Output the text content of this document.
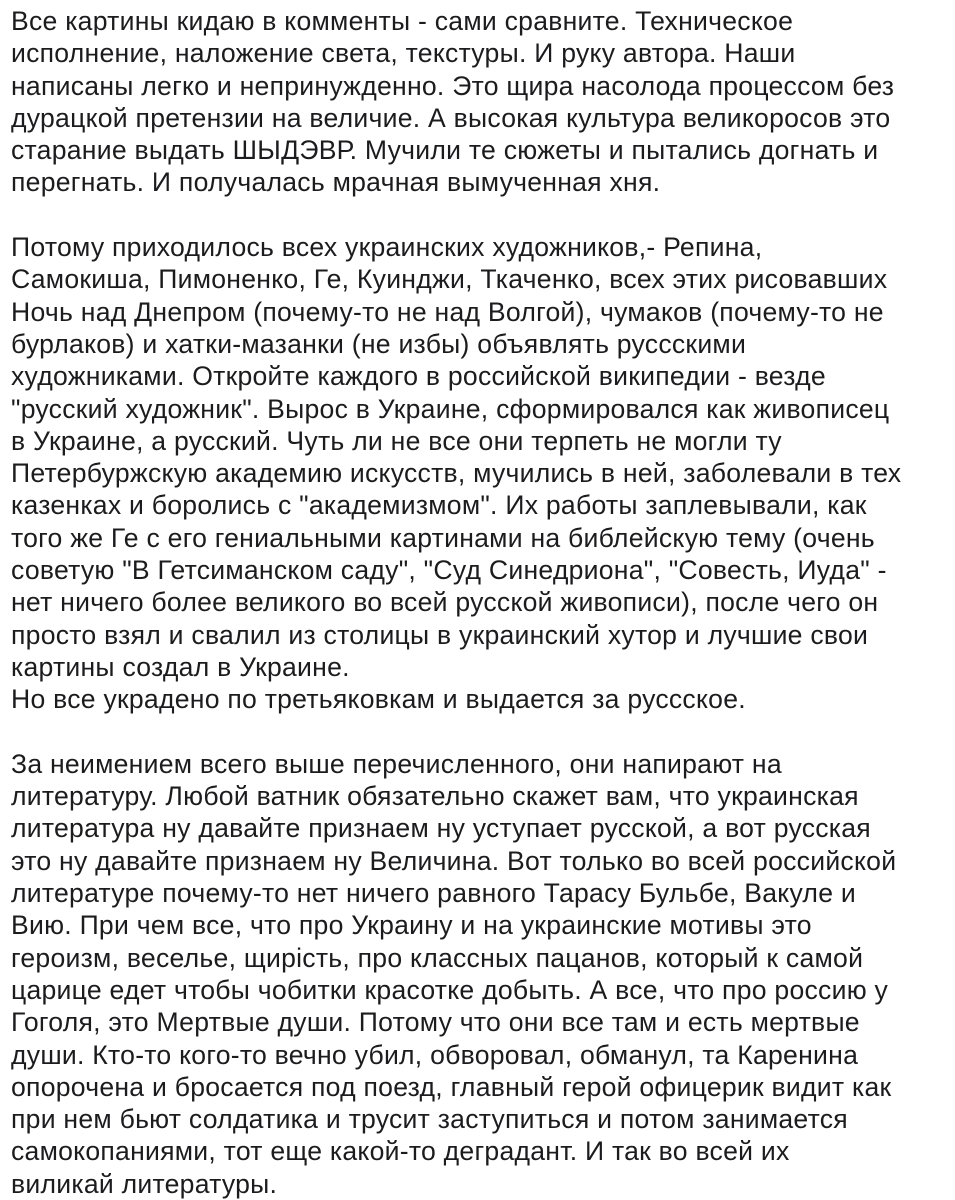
Все картины кидаю в комменты - сами сравните. Техническое
исполнение, наложение света, текстуры. И руку автора. Наши
написаны легко и непринужденно. Это щира насолода процессом без
дурацкой претензии на величие. А высокая культура великоросов это
старание выдать ШЫДЭВР. Мучили те сюжеты и пытались догнать и
перегнать. И получалась мрачная вымученная хня.
Потому приходилось всех украинских художников,- Репина,
Самокиша, Пимоненко, Ге, Куинджи, Ткаченко, всех этих рисовавших
Ночь над Днепром (почему-то не над Волгой), чумаков (почему-то не
бурлаков) и хатки-мазанки (не избы) объявлять руссскими
художниками. Откройте каждого в российской википедии - везде
"русский художник". Вырос в Украине, сформировался как живописец
в Украине, а русский. Чуть ли не все они терпеть не могли ту
Петербуржскую академию искусств, мучились в ней, заболевали в тех
казенках и боролись с "академизмом". Их работы заплевывали, как
того же Ге с его гениальными картинами на библейскую тему (очень
советую "В Гетсиманском саду", "Суд Синедриона", "Совесть, Иуда" -
нет ничего более великого во всей русской живописи), после чего он
просто взял и свалил из столицы в украинский хутор и лучшие свои
картины создал в Украине.
Но все украдено по третьяковкам и выдается за руссское.
За неимением всего выше перечисленного, они напирают на
литературу. Любой ватник обязательно скажет вам, что украинская
литература ну давайте признаем ну уступает русской, а вот русская
это ну давайте признаем ну Величина. Вот только во всей российской
литературе почему-то нет ничего равного Тарасу Бульбе, Вакуле и
Вию. При чем все, что про Украину и на украинские мотивы это
героизм, веселье, щирість, про классных пацанов, который к самой
царице едет чтобы чобитки красотке добыть. А все, что про россию у
Гоголя, это Мертвые души. Потому что они все там и есть мертвые
души. Кто-то кого-то вечно убил, обворовал, обманул, та Каренина
опорочена и бросается под поезд, главный герой офицерик видит как
при нем бьют солдатика и трусит заступиться и потом занимается
самокопаниями, тот еще какой-то деградант. И так во всей их
виликай литературы.
